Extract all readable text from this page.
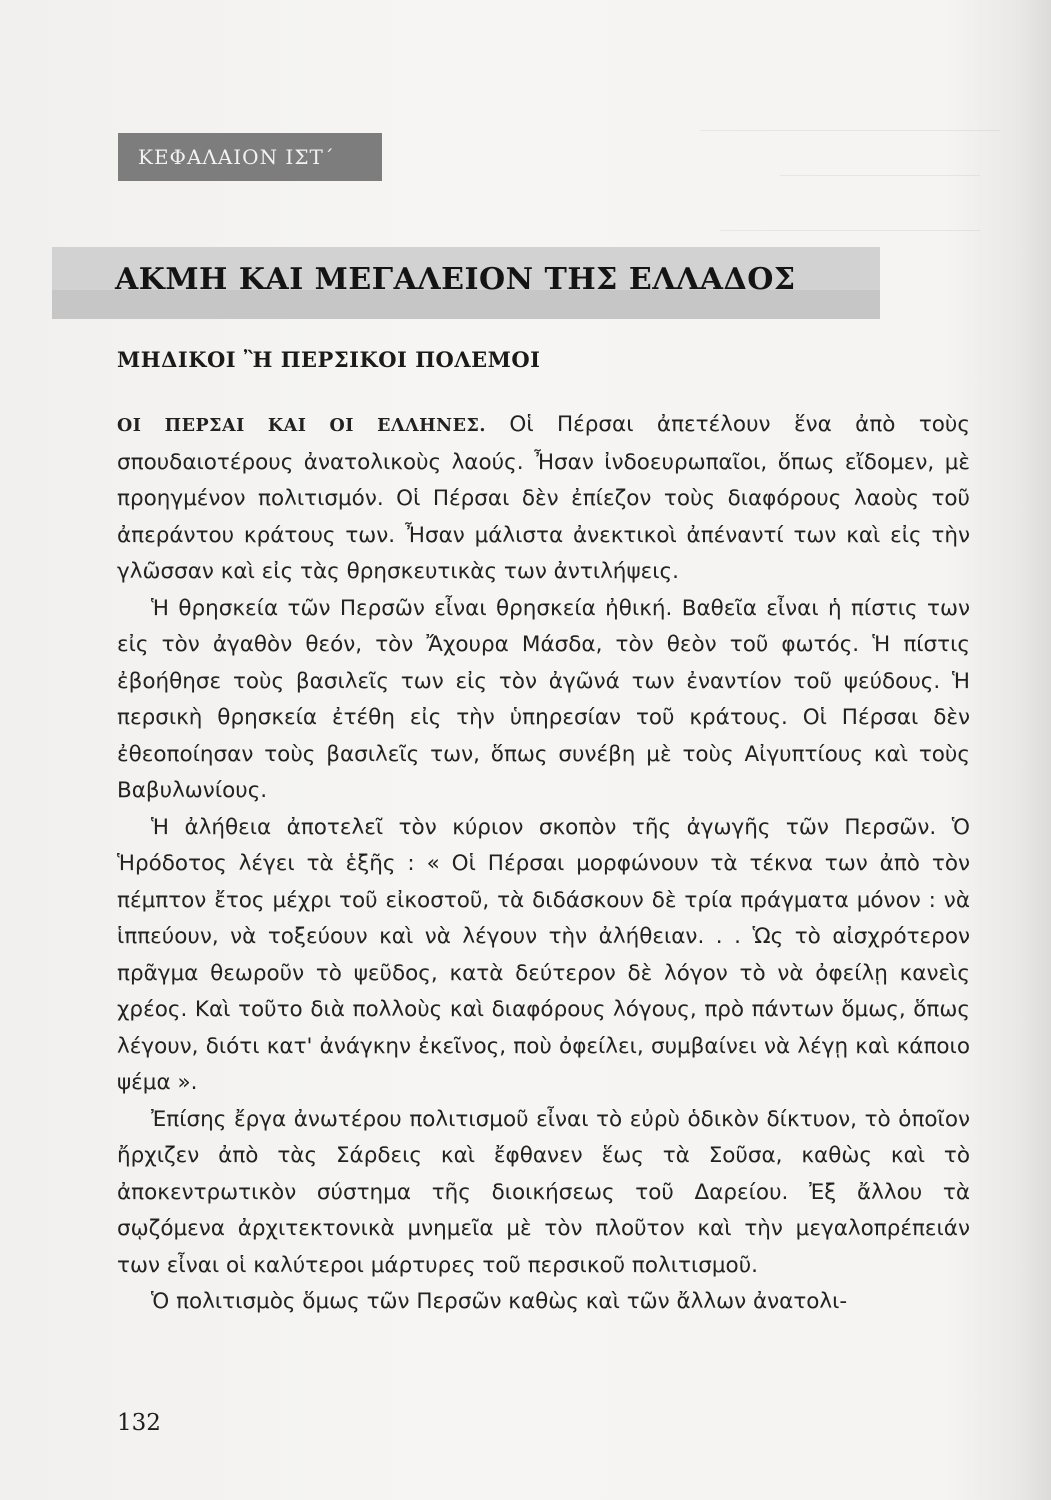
ΚΕΦΑΛΑΙΟΝ ΙΣΤ΄
ΑΚΜΗ ΚΑΙ ΜΕΓΑΛΕΙΟΝ ΤΗΣ ΕΛΛΑΔΟΣ
ΜΗΔΙΚΟΙ Ἢ ΠΕΡΣΙΚΟΙ ΠΟΛΕΜΟΙ

ΟΙ ΠΕΡΣΑΙ ΚΑΙ ΟΙ ΕΛΛΗΝΕΣ. Οἱ Πέρσαι ἀπετέλουν ἕνα ἀπὸ τοὺς σπουδαιοτέρους ἀνατολικοὺς λαούς. Ἦσαν ἰνδοευρωπαῖοι, ὅπως εἴδομεν, μὲ προηγμένον πολιτισμόν. Οἱ Πέρσαι δὲν ἐπίεζον τοὺς διαφόρους λαοὺς τοῦ ἀπεράντου κράτους των. Ἦσαν μάλιστα ἀνεκτικοὶ ἀπέναντί των καὶ εἰς τὴν γλῶσσαν καὶ εἰς τὰς θρησκευτικὰς των ἀντιλήψεις.

Ἡ θρησκεία τῶν Περσῶν εἶναι θρησκεία ἠθική. Βαθεῖα εἶναι ἡ πίστις των εἰς τὸν ἀγαθὸν θεόν, τὸν Ἄχουρα Μάσδα, τὸν θεὸν τοῦ φωτός. Ἡ πίστις ἐβοήθησε τοὺς βασιλεῖς των εἰς τὸν ἀγῶνά των ἐναντίον τοῦ ψεύδους. Ἡ περσικὴ θρησκεία ἐτέθη εἰς τὴν ὑπηρεσίαν τοῦ κράτους. Οἱ Πέρσαι δὲν ἐθεοποίησαν τοὺς βασιλεῖς των, ὅπως συνέβη μὲ τοὺς Αἰγυπτίους καὶ τοὺς Βαβυλωνίους.

Ἡ ἀλήθεια ἀποτελεῖ τὸν κύριον σκοπὸν τῆς ἀγωγῆς τῶν Περσῶν. Ὁ Ἡρόδοτος λέγει τὰ ἑξῆς : « Οἱ Πέρσαι μορφώνουν τὰ τέκνα των ἀπὸ τὸν πέμπτον ἔτος μέχρι τοῦ εἰκοστοῦ, τὰ διδάσκουν δὲ τρία πράγματα μόνον : νὰ ἱππεύουν, νὰ τοξεύουν καὶ νὰ λέγουν τὴν ἀλήθειαν. . . Ὡς τὸ αἰσχρότερον πρᾶγμα θεωροῦν τὸ ψεῦδος, κατὰ δεύτερον δὲ λόγον τὸ νὰ ὀφείλῃ κανεὶς χρέος. Καὶ τοῦτο διὰ πολλοὺς καὶ διαφόρους λόγους, πρὸ πάντων ὅμως, ὅπως λέγουν, διότι κατ' ἀνάγκην ἐκεῖνος, ποὺ ὀφείλει, συμβαίνει νὰ λέγῃ καὶ κάποιο ψέμα ».

Ἐπίσης ἔργα ἀνωτέρου πολιτισμοῦ εἶναι τὸ εὐρὺ ὁδικὸν δίκτυον, τὸ ὁποῖον ἤρχιζεν ἀπὸ τὰς Σάρδεις καὶ ἔφθανεν ἕως τὰ Σοῦσα, καθὼς καὶ τὸ ἀποκεντρωτικὸν σύστημα τῆς διοικήσεως τοῦ Δαρείου. Ἐξ ἄλλου τὰ σῳζόμενα ἀρχιτεκτονικὰ μνημεῖα μὲ τὸν πλοῦτον καὶ τὴν μεγαλοπρέπειάν των εἶναι οἱ καλύτεροι μάρτυρες τοῦ περσικοῦ πολιτισμοῦ.

Ὁ πολιτισμὸς ὅμως τῶν Περσῶν καθὼς καὶ τῶν ἄλλων ἀνατολι-

132
